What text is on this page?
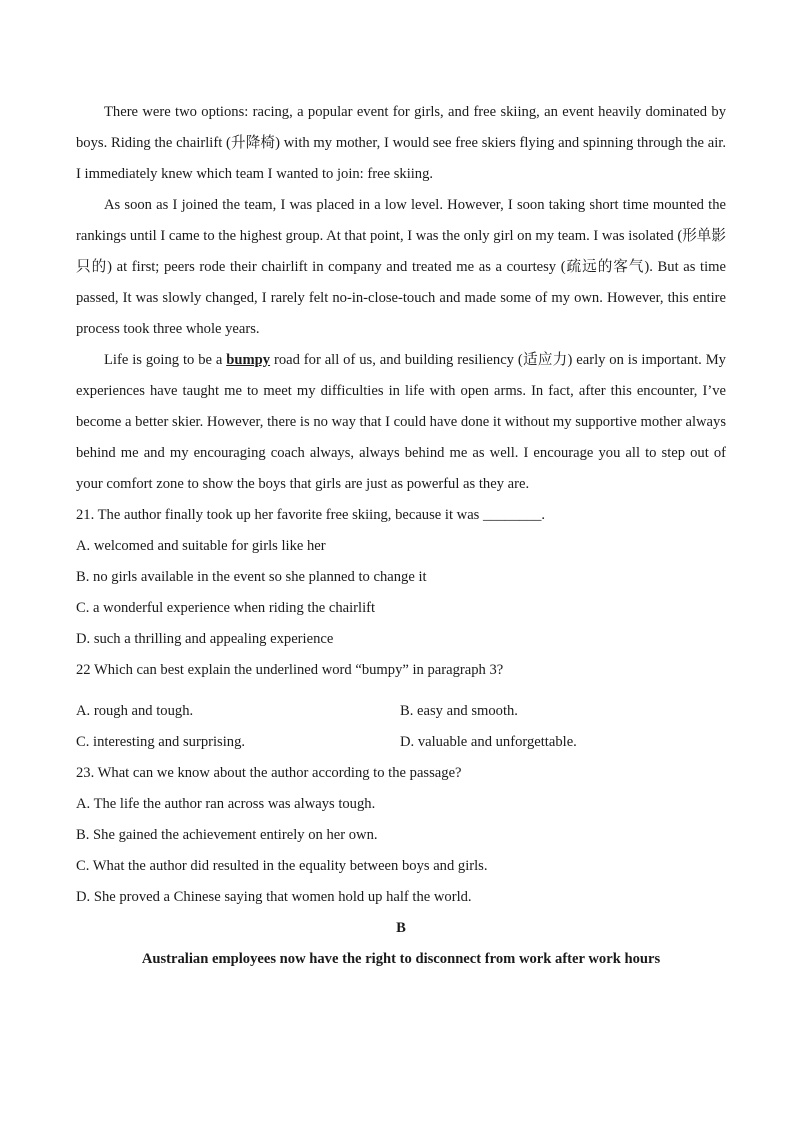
There were two options: racing, a popular event for girls, and free skiing, an event heavily dominated by boys. Riding the chairlift (升降椅) with my mother, I would see free skiers flying and spinning through the air. I immediately knew which team I wanted to join: free skiing.

As soon as I joined the team, I was placed in a low level. However, I soon taking short time mounted the rankings until I came to the highest group. At that point, I was the only girl on my team. I was isolated (形单影只的) at first; peers rode their chairlift in company and treated me as a courtesy (疏远的客气). But as time passed, It was slowly changed, I rarely felt no-in-close-touch and made some of my own. However, this entire process took three whole years.

Life is going to be a bumpy road for all of us, and building resiliency (适应力) early on is important. My experiences have taught me to meet my difficulties in life with open arms. In fact, after this encounter, I’ve become a better skier. However, there is no way that I could have done it without my supportive mother always behind me and my encouraging coach always, always behind me as well. I encourage you all to step out of your comfort zone to show the boys that girls are just as powerful as they are.

21. The author finally took up her favorite free skiing, because it was ________.

A. welcomed and suitable for girls like her

B. no girls available in the event so she planned to change it

C. a wonderful experience when riding the chairlift

D. such a thrilling and appealing experience

22 Which can best explain the underlined word “bumpy” in paragraph 3?

A. rough and tough.	B. easy and smooth.
C. interesting and surprising.	D. valuable and unforgettable.

23. What can we know about the author according to the passage?

A. The life the author ran across was always tough.

B. She gained the achievement entirely on her own.

C. What the author did resulted in the equality between boys and girls.

D. She proved a Chinese saying that women hold up half the world.

B

Australian employees now have the right to disconnect from work after work hours
